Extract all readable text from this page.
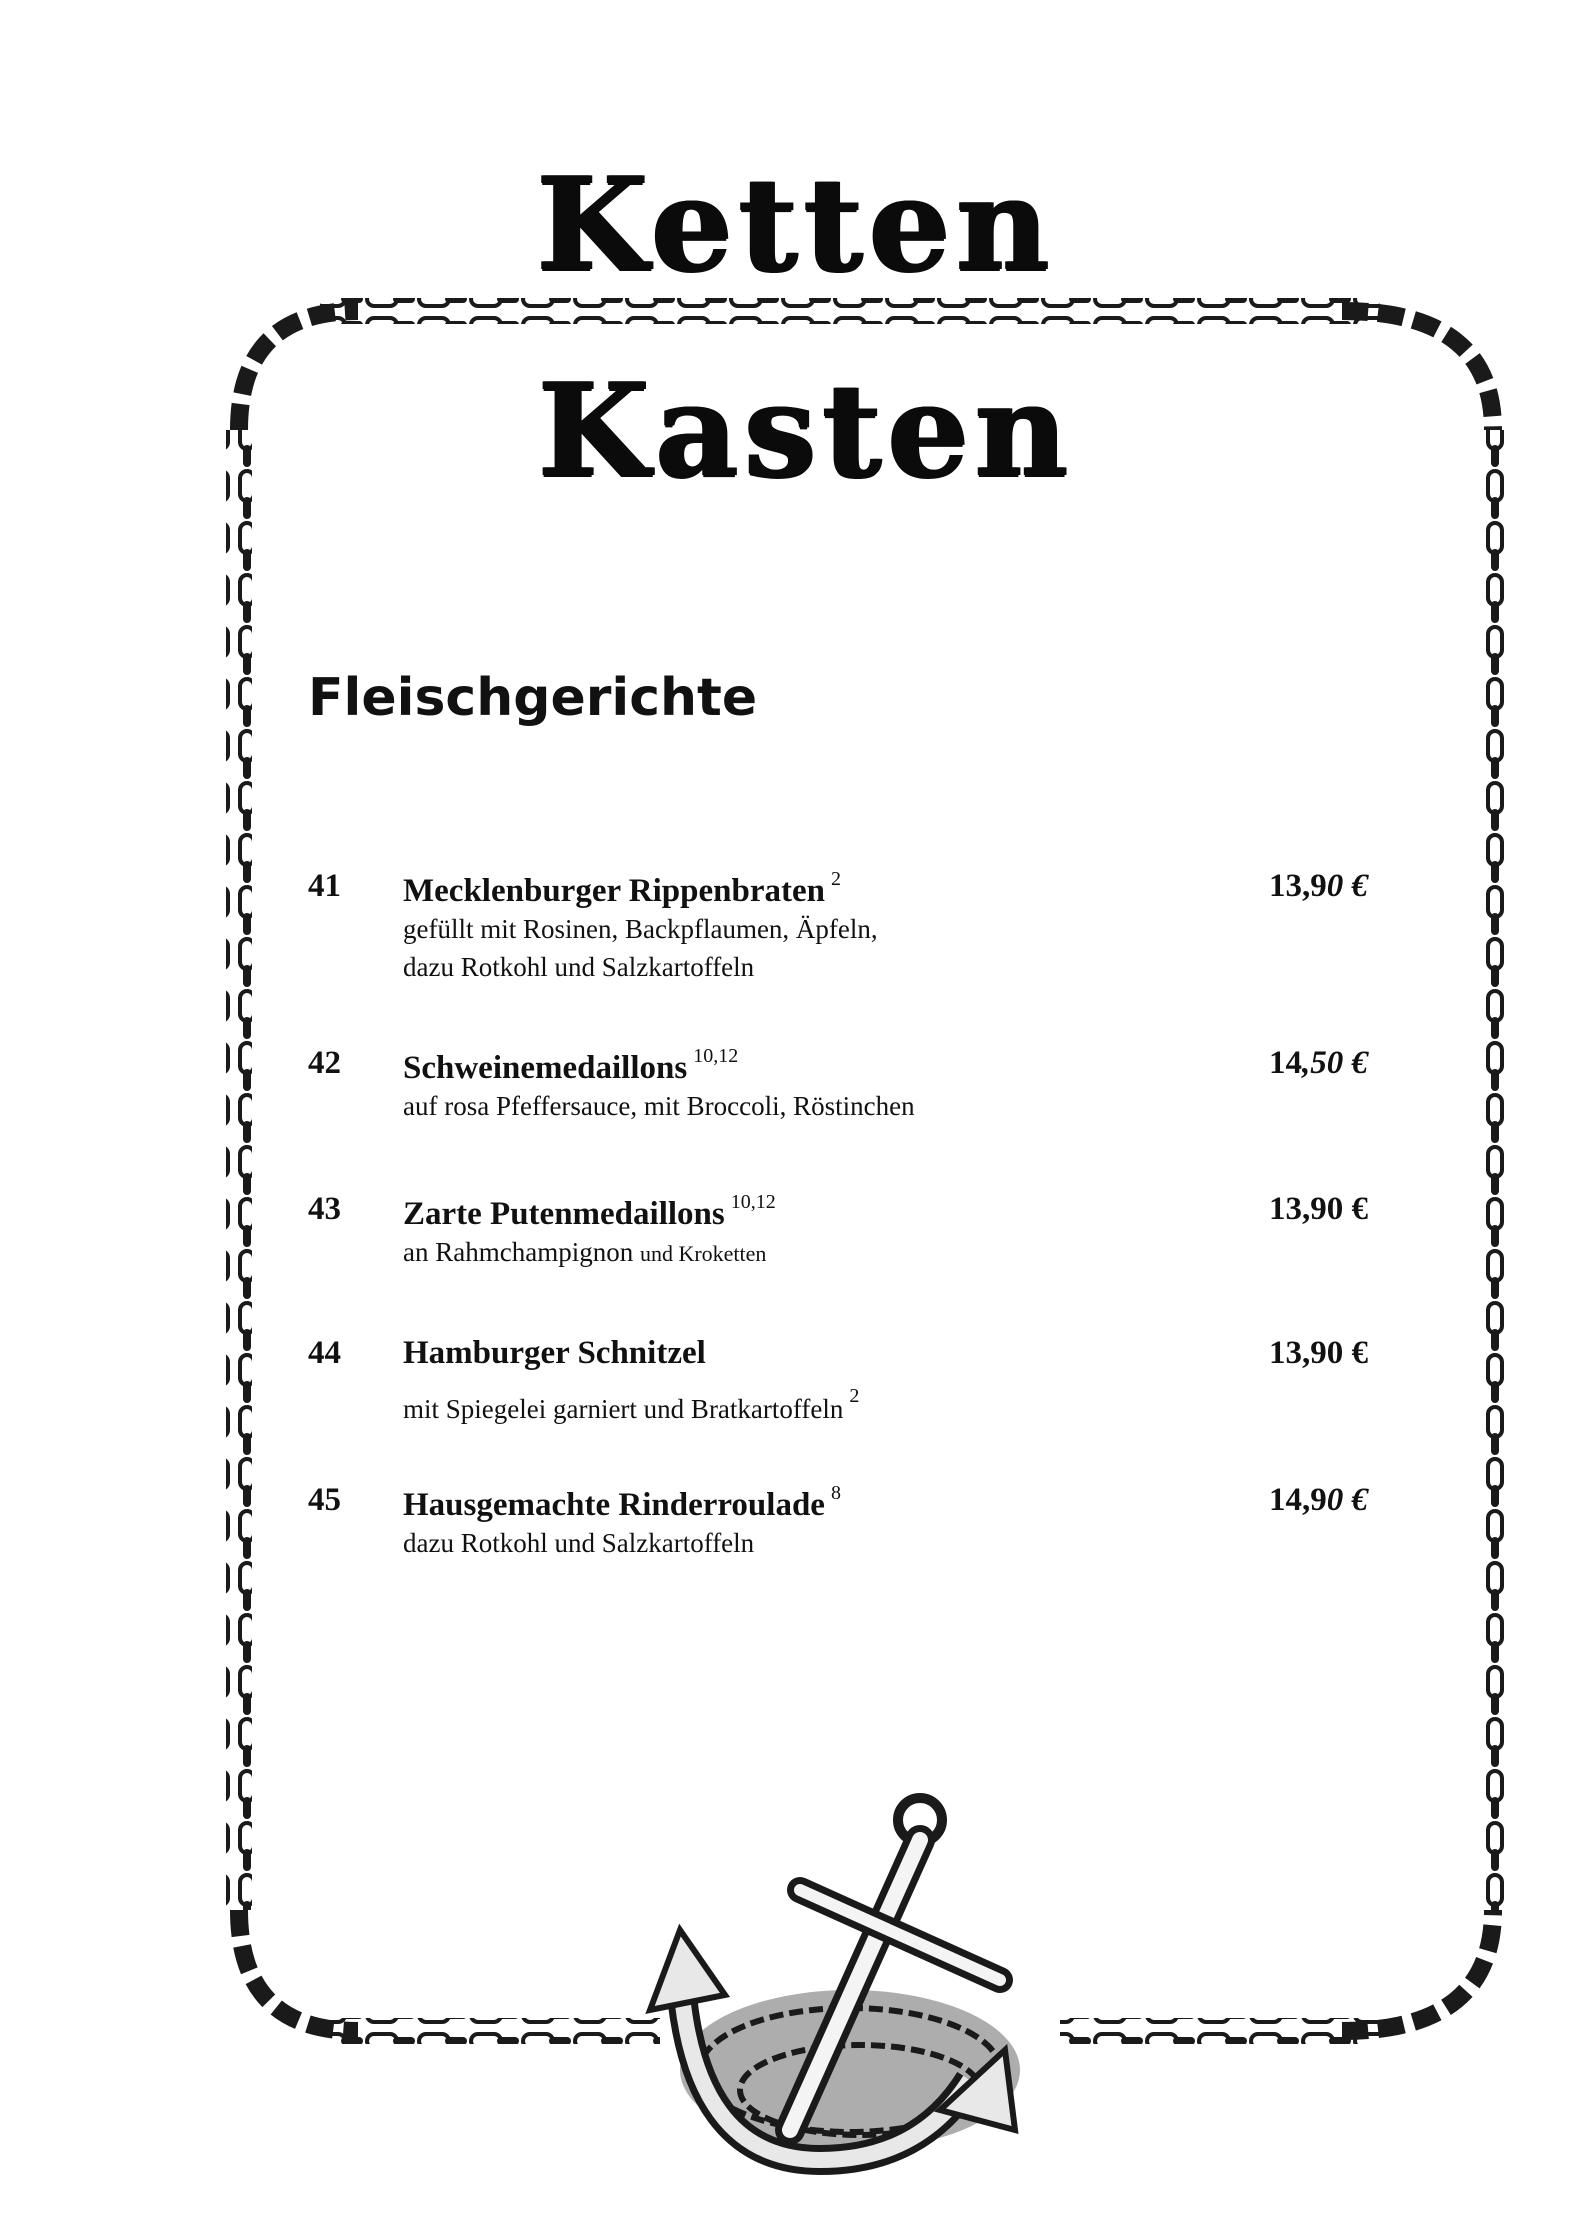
Ketten
Kasten
Fleischgerichte
41 Mecklenburger Rippenbraten $^2$	13,90 €
gefüllt mit Rosinen, Backpflaumen, Äpfeln,
dazu Rotkohl und Salzkartoffeln
42 Schweinemedaillons $^{10,12}$	14,50 €
auf rosa Pfeffersauce, mit Broccoli, Röstinchen
43 Zarte Putenmedaillons $^{10,12}$	13,90 €
an Rahmchampignon und Kroketten
44 Hamburger Schnitzel	13,90 €
mit Spiegelei garniert und Bratkartoffeln $^2$
45 Hausgemachte Rinderroulade $^8$	14,90 €
dazu Rotkohl und Salzkartoffeln
